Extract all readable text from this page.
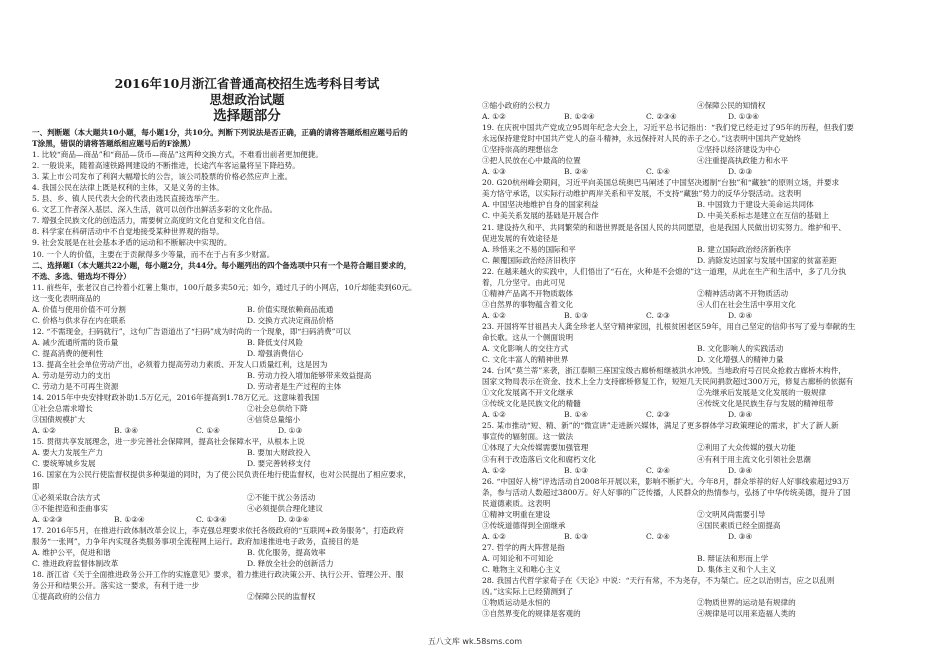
2016年10月浙江省普通高校招生选考科目考试
思想政治试题
选择题部分
一、判断题（本大题共10小题，每小题1分，共10分。判断下列说法是否正确，正确的请将答题纸相应题号后的
T涂黑，错误的请将答题纸相应题号后的F涂黑）
1. 比较“商品—商品”和“商品—货币—商品”这两种交换方式，不难看出前者更加便捷。
2. 一般说来，随着高速铁路网建设的不断推进，长途汽车客运量将呈下降趋势。
3. 某上市公司发布了利润大幅增长的公告，该公司股票的价格必然应声上涨。
4. 我国公民在法律上既是权利的主体，又是义务的主体。
5. 县、乡、镇人民代表大会的代表由选民直接选举产生。
6. 文艺工作者深入基层、深入生活，就可以创作出鲜活多彩的文化作品。
7. 增强全民族文化的创造活力，需要树立高度的文化自觉和文化自信。
8. 科学家在科研活动中不自觉地接受某种世界观的指导。
9. 社会发展是在社会基本矛盾的运动和不断解决中实现的。
10. 一个人的价值，主要在于贡献得多少等量，而不在于占有多少财富。
二、选择题Ⅰ（本大题共22小题，每小题2分，共44分。每小题列出的四个备选项中只有一个是符合题目要求的，
不选、多选、错选均不得分）
11. 前些年，张老汉自己拎着小红薯上集市，100斤最多卖50元；如今，通过几子的小网店，10斤却能卖到60元。
这一变化表明商品的
A. 价值与使用价值不可分割	B. 价值实现依赖商品流通
C. 价格与供求存在内在联系	D. 交换方式决定商品价格
12. “不需现金，扫码就行”，这句广告语道出了“扫码”成为时尚的一个现象，即“扫码消费”可以
A. 减少流通所需的货币量	B. 降低支付风险
C. 提高消费的便利性	D. 增强消费信心
13. 提高全社会单位劳动产出，必须着力提高劳动力素质、开发人口质量红利，这是因为
A. 劳动是劳动力的支出	B. 劳动力投入增加能够带来效益提高
C. 劳动力是不可再生资源	D. 劳动者是生产过程的主体
14. 2015年中央安排财政补助1.5万亿元，2016年提高到1.78万亿元。这意味着我国
①社会总需求增长	②社会总供给下降
③国债规模扩大	④信贷总量缩小
A. ①②	B. ③④	C. ①④	D. ①③
15. 贯彻共享发展理念，进一步完善社会保障网，提高社会保障水平，从根本上说
A. 要大力发展生产力	B. 要加大财政投入
C. 要统筹城乡发展	D. 要完善转移支付
16. 国家在为公民行使监督权提供多种渠道的同时，为了使公民负责任地行使监督权，也对公民提出了相应要求，
即
①必须采取合法方式	②不能干扰公务活动
③不能捏造和歪曲事实	④必须提供合理化建议
A. ①②③	B. ①②④	C. ①③④	D. ②③④
17. 2016年5月，在推进行政体制改革会议上，李克强总理要求依托各级政府的“互联网+政务服务”，打造政府
服务“一张网”，力争年内实现各类服务事项全流程网上运行。政府加速推进电子政务，直接目的是
A. 维护公平，促进和谐	B. 优化服务，提高效率
C. 推进政府监督体制改革	D. 释放全社会的创新活力
18. 浙江省《关于全面推进政务公开工作的实施意见》要求，着力推进行政决策公开、执行公开、管理公开、服
务公开和结果公开。落实这一要求，有利于进一步
①提高政府的公信力	②保障公民的监督权
③缩小政府的公权力	④保障公民的知情权
A. ①②	B. ①②④	C. ②③④	D. ①③④
19. 在庆祝中国共产党成立95周年纪念大会上，习近平总书记指出：“我们党已经走过了95年的历程，但我们要
永远保持建党时中国共产党人的奋斗精神，永远保持对人民的赤子之心。”这表明中国共产党始终
①坚持崇高的理想信念	②坚持以经济建设为中心
③把人民放在心中最高的位置	④注重提高执政能力和水平
A. ①③	B. ②④	C. ①④	D. ②③
20. G20杭州峰会期间，习近平向美国总统奥巴马阐述了中国坚决遏制“台独”和“藏独”的原则立场，并要求
美方恪守承诺，以实际行动维护两岸关系和平发展，不支持“藏独”势力的反华分裂活动。这表明
A. 中国坚决地维护自身的国家利益	B. 中国致力于建设大美命运共同体
C. 中美关系发展的基础是开展合作	D. 中美关系标志是建立在互信的基础上
21. 建设持久和平、共同繁荣的和谐世界既是各国人民的共同愿望，也是我国人民做出切实努力。维护和平、
促进发展的有效途径是
A. 珍惜来之不易的国际和平	B. 建立国际政治经济新秩序
C. 颠覆国际政治经济旧秩序	D. 消除发达国家与发展中国家的贫富差距
22. 在越来越火的实践中，人们悟出了“石在，火种是不会熄的”这一道理，从此在生产和生活中，多了几分执
着，几分坚守。由此可见
①精神产品离不开物质载体	②精神活动离不开物质活动
③自然界的事物蕴含着文化	④人们在社会生活中享用文化
A. ①②	B. ①③	C. ②③	D. ②④
23. 开国将军甘祖昌夫人龚全珍老人坚守精神家园，扎根贫困老区59年，用自己坚定的信仰书写了爱与奉献的生
命长歌。这从一个侧面说明
A. 文化影响人的交往方式	B. 文化影响人的实践活动
C. 文化丰富人的精神世界	D. 文化增强人的精神力量
24. 台风“莫兰蒂”来袭，浙江泰顺三座国宝级古廊桥相继被洪水冲毁。当地政府号召民众抢救古廊桥木构件，
国家文物局表示在资金、技术上全力支持廊桥修复工作，短短几天民间捐款超过300万元，修复古廊桥的依据有
①文化发展离不开文化继承	②先继承后发展是文化发展的一般规律
③传统文化是民族文化的精髓	④传统文化是民族生存与发展的精神纽带
A. ①②	B. ①④	C. ②③	D. ③④
25. 某市推动“短、精、新”的“微宣讲”走进新兴媒体，满足了更多群体学习政策理论的需求，扩大了新人新
事宣传的辐射面。这一做法
①体现了大众传媒需要加强管理	②利用了大众传媒的强大功能
③有利于改造落后文化和腐朽文化	④有利于用主流文化引领社会思潮
A. ①②	B. ①③	C. ②④	D. ③④
26. “中国好人榜”评选活动自2008年开展以来，影响不断扩大。今年8月，群众举荐的好人好事线索超过93万
条，参与活动人数超过3800万。好人好事的广泛传播，人民群众的热情参与，弘扬了中华传统美德，提升了国
民道德素质。这表明
①精神文明重在建设	②文明风尚需要引导
③传统道德得到全面继承	④国民素质已经全面提高
A. ①②	B. ①③	C. ②④	D. ③④
27. 哲学的两大阵营是指
A. 可知论和不可知论	B. 辩证法和形而上学
C. 唯物主义和唯心主义	D. 集体主义和个人主义
28. 我国古代哲学家荀子在《天论》中说：“天行有常，不为尧存，不为桀亡。应之以治则吉，应之以乱则
凶。”这实际上已经猜测到了
①物质运动是永恒的	②物质世界的运动是有规律的
③自然界变化的规律是客观的	④规律是可以用来造福人类的
五八文库 wk.58sms.com
